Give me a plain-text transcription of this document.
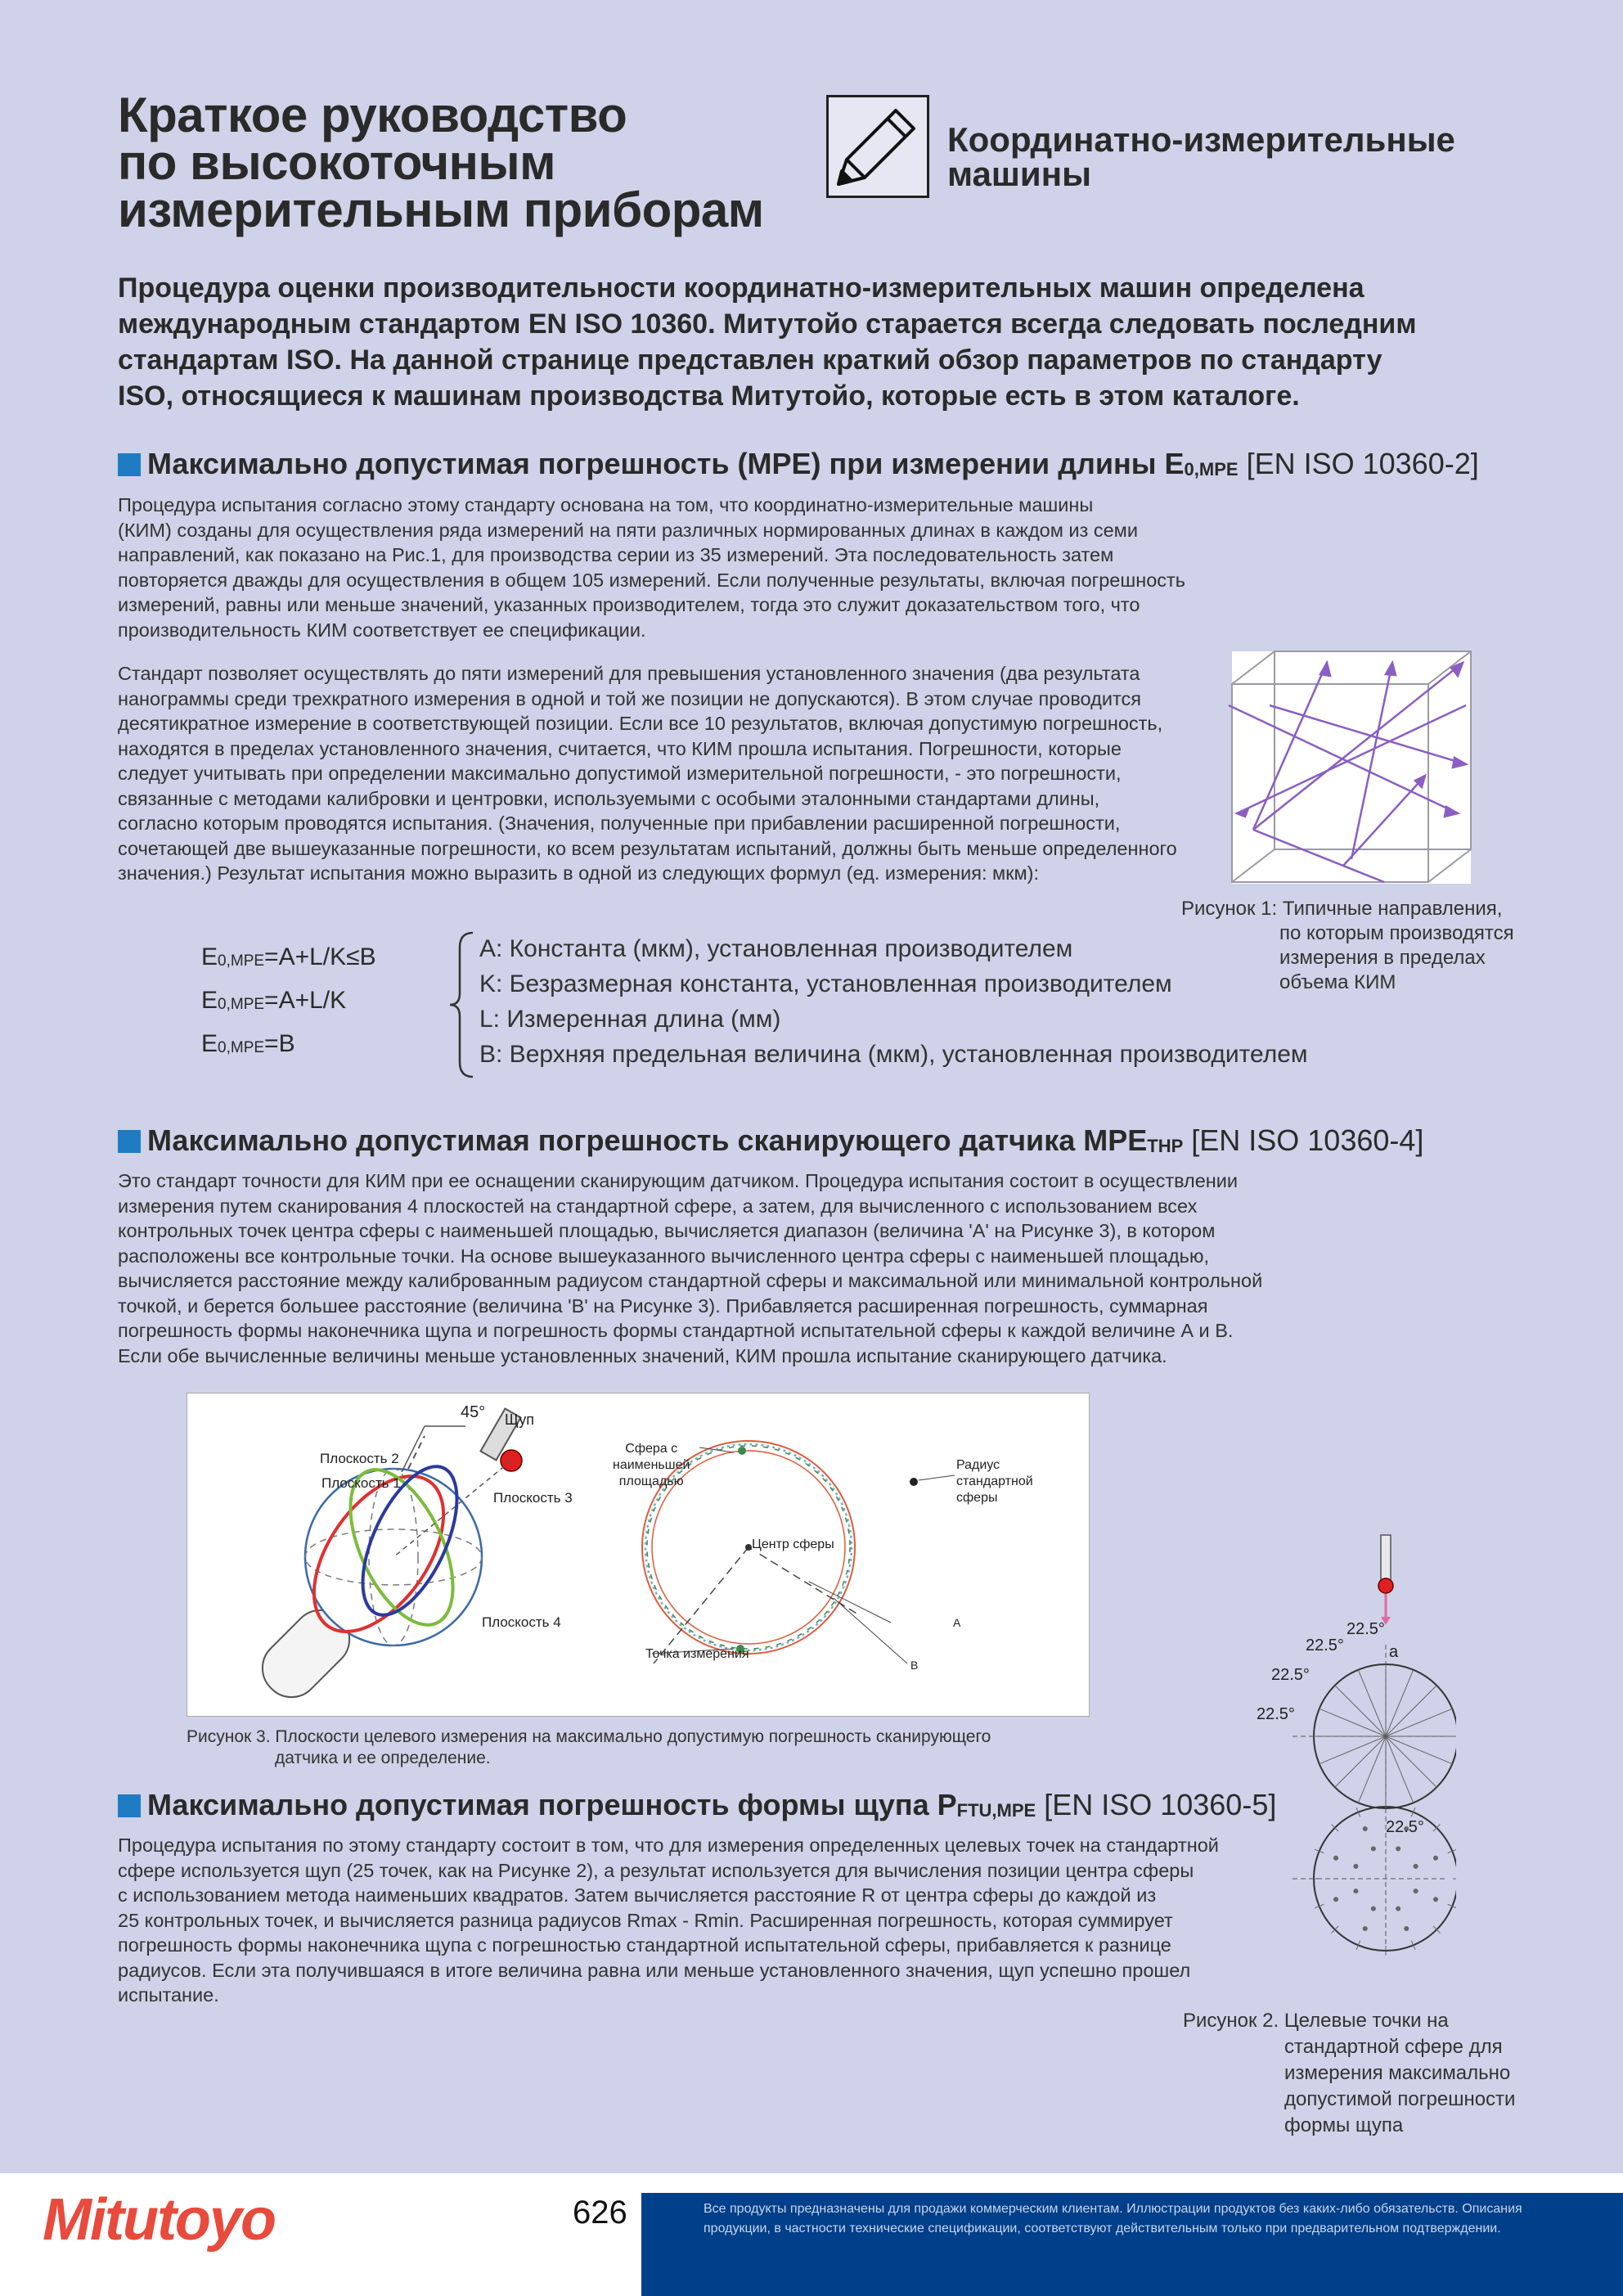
Краткое руководство
по высокоточным
измерительным приборам
Координатно-измерительные
машины
Процедура оценки производительности координатно-измерительных машин определена
международным стандартом EN ISO 10360. Митутойо старается всегда следовать последним
стандартам ISO. На данной странице представлен краткий обзор параметров по стандарту
ISO, относящиеся к машинам производства Митутойо, которые есть в этом каталоге.
Максимально допустимая погрешность (MPE) при измерении длины $E_{0,MPE}$ [EN ISO 10360-2]
Процедура испытания согласно этому стандарту основана на том, что координатно-измерительные машины
(КИМ) созданы для осуществления ряда измерений на пяти различных нормированных длинах в каждом из семи
направлений, как показано на Рис.1, для производства серии из 35 измерений. Эта последовательность затем
повторяется дважды для осуществления в общем 105 измерений. Если полученные результаты, включая погрешность
измерений, равны или меньше значений, указанных производителем, тогда это служит доказательством того, что
производительность КИМ соответствует ее спецификации.
Стандарт позволяет осуществлять до пяти измерений для превышения установленного значения (два результата
нанограммы среди трехкратного измерения в одной и той же позиции не допускаются). В этом случае проводится
десятикратное измерение в соответствующей позиции. Если все 10 результатов, включая допустимую погрешность,
находятся в пределах установленного значения, считается, что КИМ прошла испытания. Погрешности, которые
следует учитывать при определении максимально допустимой измерительной погрешности, - это погрешности,
связанные с методами калибровки и центровки, используемыми с особыми эталонными стандартами длины,
согласно которым проводятся испытания. (Значения, полученные при прибавлении расширенной погрешности,
сочетающей две вышеуказанные погрешности, ко всем результатам испытаний, должны быть меньше определенного
значения.) Результат испытания можно выразить в одной из следующих формул (ед. измерения: мкм):
Рисунок 1: Типичные направления,
по которым производятся
измерения в пределах
объема КИМ
$E_{0,MPE}=A+L/K\le B$
$E_{0,MPE}=A+L/K$
$E_{0,MPE}=B$
A: Константа (мкм), установленная производителем
K: Безразмерная константа, установленная производителем
L: Измеренная длина (мм)
B: Верхняя предельная величина (мкм), установленная производителем
Максимально допустимая погрешность сканирующего датчика $MPE_{THP}$ [EN ISO 10360-4]
Это стандарт точности для КИМ при ее оснащении сканирующим датчиком. Процедура испытания состоит в осуществлении
измерения путем сканирования 4 плоскостей на стандартной сфере, а затем, для вычисленного с использованием всех
контрольных точек центра сферы с наименьшей площадью, вычисляется диапазон (величина 'А' на Рисунке 3), в котором
расположены все контрольные точки. На основе вышеуказанного вычисленного центра сферы с наименьшей площадью,
вычисляется расстояние между калиброванным радиусом стандартной сферы и максимальной или минимальной контрольной
точкой, и берется большее расстояние (величина 'В' на Рисунке 3). Прибавляется расширенная погрешность, суммарная
погрешность формы наконечника щупа и погрешность формы стандартной испытательной сферы к каждой величине А и В.
Если обе вычисленные величины меньше установленных значений, КИМ прошла испытание сканирующего датчика.
45° Щуп
Плоскость 1
Плоскость 2
Плоскость 3
Плоскость 4
Сфера с
наименьшей
площадью
Радиус
стандартной
сферы
Центр сферы
Точка измерения
A
B
Рисунок 3. Плоскости целевого измерения на максимально допустимую погрешность сканирующего
датчика и ее определение.
Максимально допустимая погрешность формы щупа $P_{FTU,MPE}$ [EN ISO 10360-5]
Процедура испытания по этому стандарту состоит в том, что для измерения определенных целевых точек на стандартной
сфере используется щуп (25 точек, как на Рисунке 2), а результат используется для вычисления позиции центра сферы
с использованием метода наименьших квадратов. Затем вычисляется расстояние R от центра сферы до каждой из
25 контрольных точек, и вычисляется разница радиусов Rmax - Rmin. Расширенная погрешность, которая суммирует
погрешность формы наконечника щупа с погрешностью стандартной испытательной сферы, прибавляется к разнице
радиусов. Если эта получившаяся в итоге величина равна или меньше установленного значения, щуп успешно прошел
испытание.
22.5°
22.5°
22.5°
22.5°
22.5°
a
Рисунок 2. Целевые точки на
стандартной сфере для
измерения максимально
допустимой погрешности
формы щупа
Mitutoyo	626	Все продукты предназначены для продажи коммерческим клиентам. Иллюстрации продуктов без каких-либо обязательств. Описания
продукции, в частности технические спецификации, соответствуют действительным только при предварительном подтверждении.
